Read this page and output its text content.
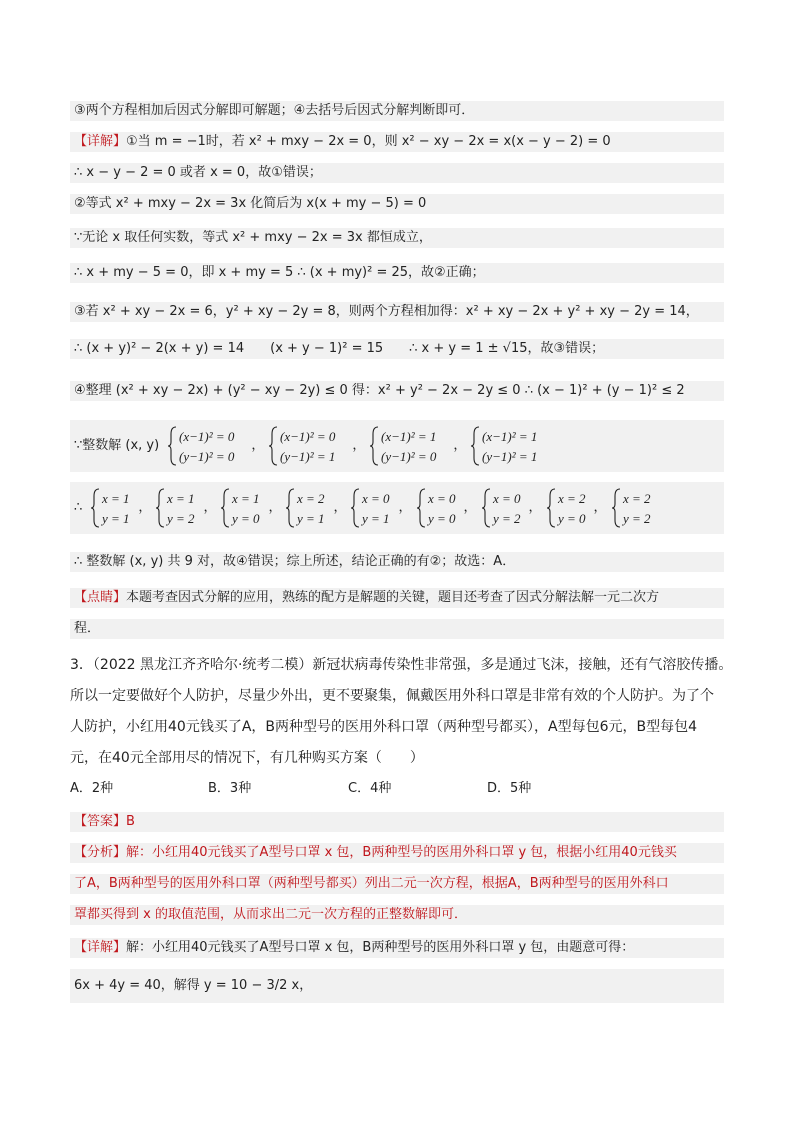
③两个方程相加后因式分解即可解题；④去括号后因式分解判断即可．
【详解】①当 m = −1时，若 x² + mxy − 2x = 0，则 x² − xy − 2x = x(x − y − 2) = 0
∴ x − y − 2 = 0 或者 x = 0，故①错误；
②等式 x² + mxy − 2x = 3x 化简后为 x(x + my − 5) = 0
∵无论 x 取任何实数，等式 x² + mxy − 2x = 3x 都恒成立，
∴ x + my − 5 = 0，即 x + my = 5 ∴ (x + my)² = 25，故②正确；
③若 x² + xy − 2x = 6，y² + xy − 2y = 8，则两个方程相加得：x² + xy − 2x + y² + xy − 2y = 14，
∴ (x + y)² − 2(x + y) = 14　　(x + y − 1)² = 15　　∴ x + y = 1 ± √15，故③错误；
④整理 (x² + xy − 2x) + (y² − xy − 2y) ≤ 0 得：x² + y² − 2x − 2y ≤ 0 ∴ (x − 1)² + (y − 1)² ≤ 2
∵整数解 (x, y)
(x−1)² = 0
(y−1)² = 0
，
(x−1)² = 0
(y−1)² = 1
，
(x−1)² = 1
(y−1)² = 0
，
(x−1)² = 1
(y−1)² = 1
∴
x = 1
y = 1
，
x = 1
y = 2
，
x = 1
y = 0
，
x = 2
y = 1
，
x = 0
y = 1
，
x = 0
y = 0
，
x = 0
y = 2
，
x = 2
y = 0
，
x = 2
y = 2
∴ 整数解 (x, y) 共 9 对，故④错误；综上所述，结论正确的有②；故选：A．
【点睛】本题考查因式分解的应用，熟练的配方是解题的关键，题目还考查了因式分解法解一元二次方
程．
3．（2022 黑龙江齐齐哈尔·统考二模）新冠状病毒传染性非常强，多是通过飞沫，接触，还有气溶胶传播。
所以一定要做好个人防护，尽量少外出，更不要聚集，佩戴医用外科口罩是非常有效的个人防护。为了个
人防护，小红用40元钱买了A，B两种型号的医用外科口罩（两种型号都买），A型每包6元，B型每包4
元，在40元全部用尽的情况下，有几种购买方案（　　）
A．2种	B．3种	C．4种	D．5种
【答案】B
【分析】解：小红用40元钱买了A型号口罩 x 包，B两种型号的医用外科口罩 y 包，根据小红用40元钱买
了A，B两种型号的医用外科口罩（两种型号都买）列出二元一次方程，根据A，B两种型号的医用外科口
罩都买得到 x 的取值范围，从而求出二元一次方程的正整数解即可．
【详解】解：小红用40元钱买了A型号口罩 x 包，B两种型号的医用外科口罩 y 包，由题意可得：
6x + 4y = 40，解得 y = 10 − 3/2 x，
